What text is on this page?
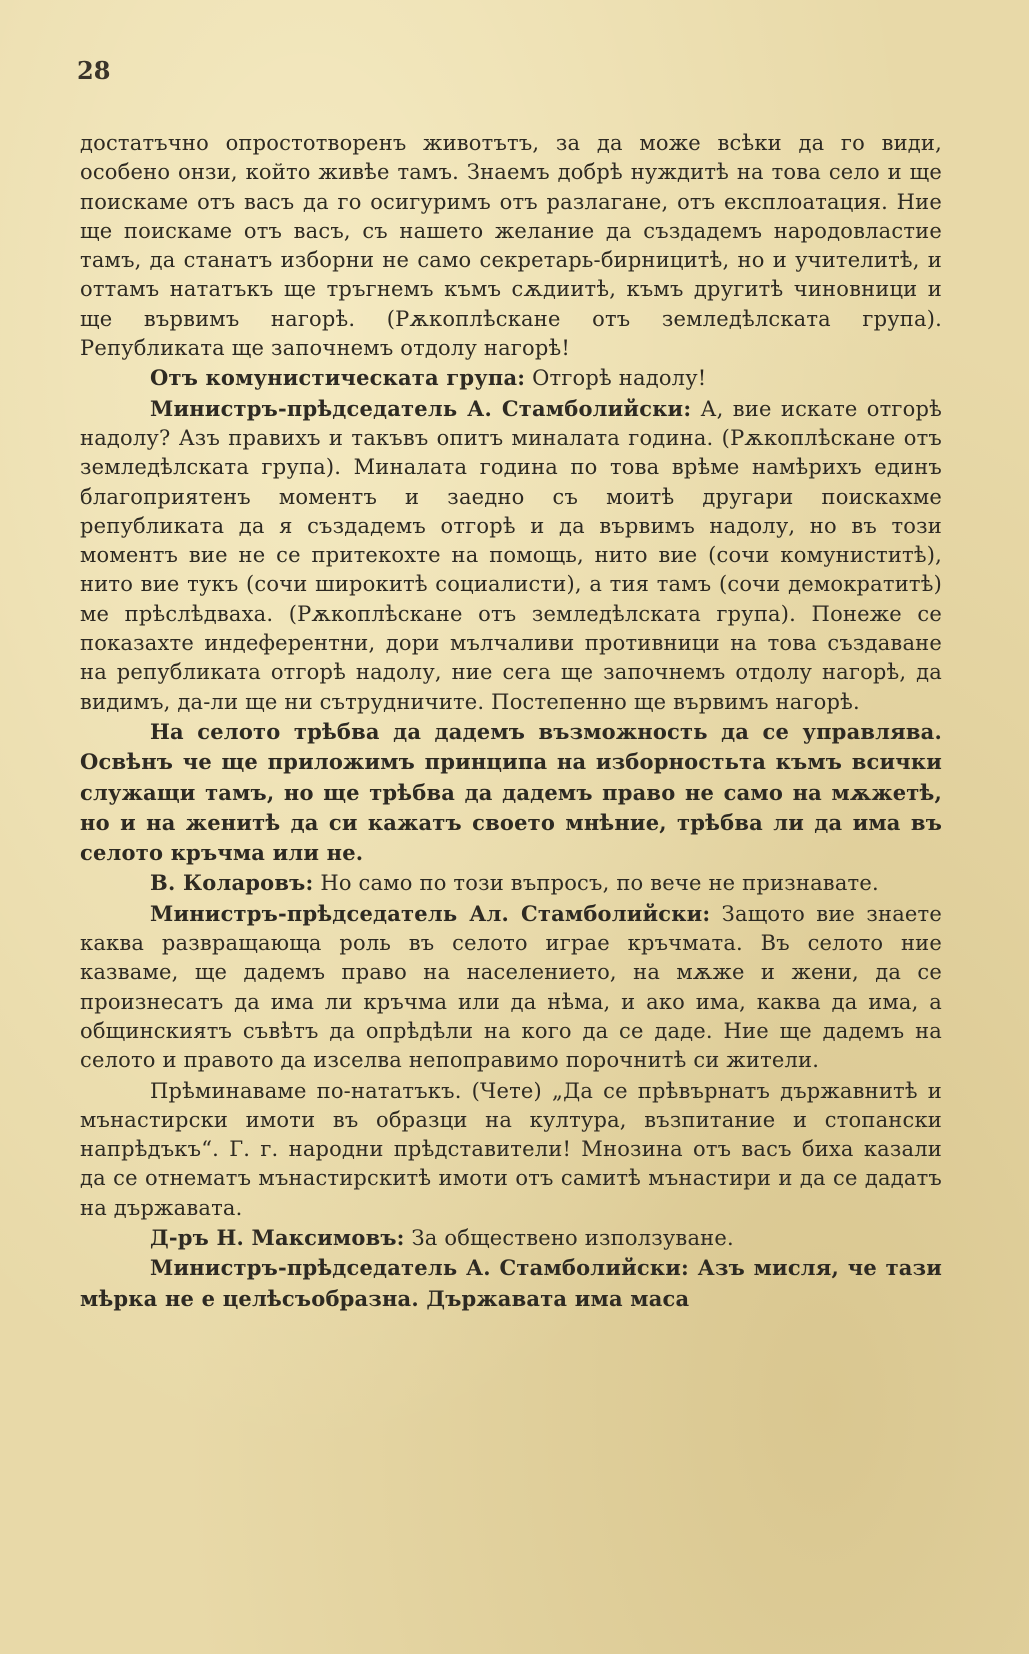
28

достатъчно опростотворенъ животътъ, за да може всѣки да го види, особено онзи, който живѣе тамъ. Знаемъ добрѣ нуждитѣ на това село и ще поискаме отъ васъ да го осигуримъ отъ разлагане, отъ експлоатация. Ние ще поискаме отъ васъ, съ нашето желание да създадемъ народовластие тамъ, да станатъ изборни не само секретарь-бирницитѣ, но и учителитѣ, и оттамъ нататъкъ ще тръгнемъ къмъ сѫдиитѣ, къмъ другитѣ чиновници и ще вървимъ нагорѣ. (Рѫкоплѣскане отъ земледѣлската група). Републиката ще започнемъ отдолу нагорѣ!

Отъ комунистическата група: Отгорѣ надолу!

Министръ-прѣдседатель А. Стамболийски: А, вие искате отгорѣ надолу? Азъ правихъ и такъвъ опитъ миналата година. (Рѫкоплѣскане отъ земледѣлската група). Миналата година по това врѣме намѣрихъ единъ благоприятенъ моментъ и заедно съ моитѣ другари поискахме републиката да я създадемъ отгорѣ и да вървимъ надолу, но въ този моментъ вие не се притекохте на помощь, нито вие (сочи комуниститѣ), нито вие тукъ (сочи широкитѣ социалисти), а тия тамъ (сочи демократитѣ) ме прѣслѣдваха. (Рѫкоплѣскане отъ земледѣлската група). Понеже се показахте индеферентни, дори мълчаливи противници на това създаване на републиката отгорѣ надолу, ние сега ще започнемъ отдолу нагорѣ, да видимъ, да-ли ще ни сътрудничите. Постепенно ще вървимъ нагорѣ.

На селото трѣбва да дадемъ възможность да се управлява. Освѣнъ че ще приложимъ принципа на изборностьта къмъ всички служащи тамъ, но ще трѣбва да дадемъ право не само на мѫжетѣ, но и на женитѣ да си кажатъ своето мнѣние, трѣбва ли да има въ селото кръчма или не.

В. Коларовъ: Но само по този въпросъ, по вече не признавате.

Министръ-прѣдседатель Ал. Стамболийски: Защото вие знаете каква развращающа роль въ селото играе кръчмата. Въ селото ние казваме, ще дадемъ право на населението, на мѫже и жени, да се произнесатъ да има ли кръчма или да нѣма, и ако има, каква да има, а общинскиятъ съвѣтъ да опрѣдѣли на кого да се даде. Ние ще дадемъ на селото и правото да изселва непоправимо порочнитѣ си жители.

Прѣминаваме по-нататъкъ. (Чете) „Да се прѣвърнатъ държавнитѣ и мънастирски имоти въ образци на култура, възпитание и стопански напрѣдъкъ“. Г. г. народни прѣдставители! Мнозина отъ васъ биха казали да се отнематъ мънастирскитѣ имоти отъ самитѣ мънастири и да се дадатъ на държавата.

Д-ръ Н. Максимовъ: За обществено използуване.

Министръ-прѣдседатель А. Стамболийски: Азъ мисля, че тази мѣрка не е целѣсъобразна. Държавата има маса
